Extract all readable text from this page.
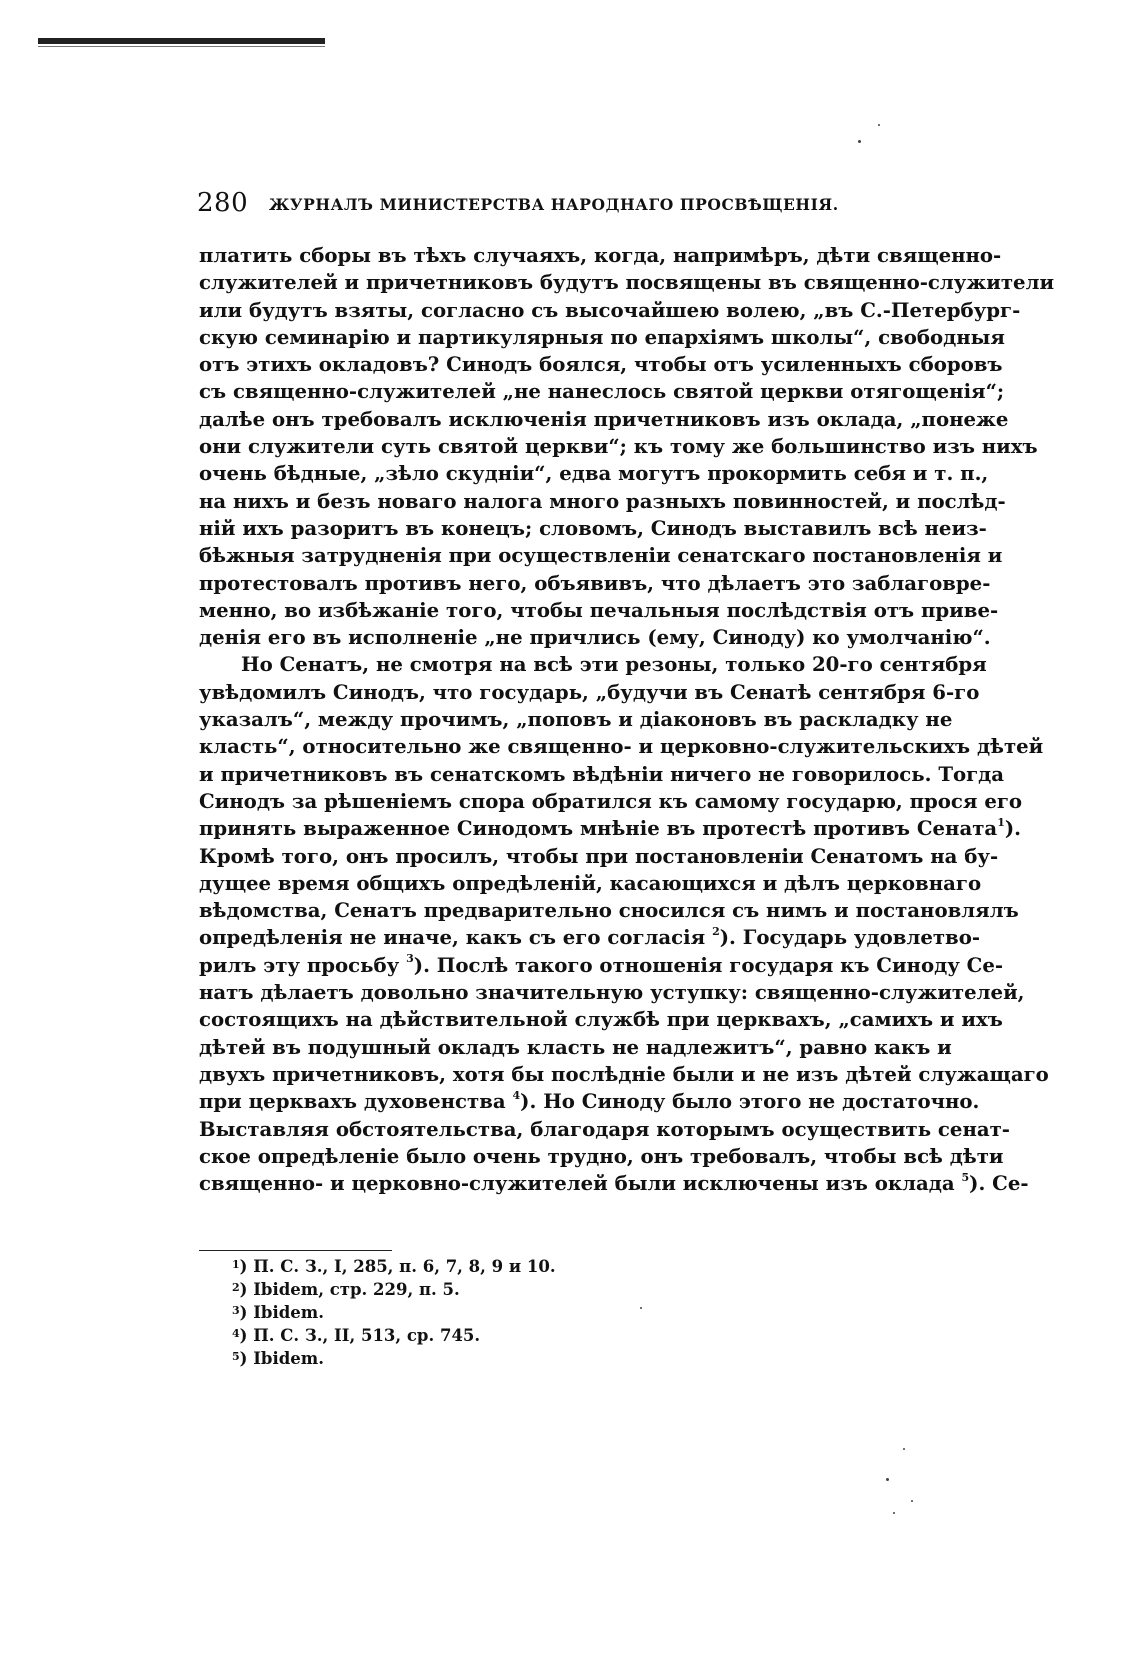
280 ЖУРНАЛЪ МИНИСТЕРСТВА НАРОДНАГО ПРОСВѢЩЕНІЯ.
платить сборы въ тѣхъ случаяхъ, когда, напримѣръ, дѣти священно-
служителей и причетниковъ будутъ посвящены въ священно-служители
или будутъ взяты, согласно съ высочайшею волею, „въ С.-Петербург-
скую семинарію и партикулярныя по епархіямъ школы“, свободныя
отъ этихъ окладовъ? Синодъ боялся, чтобы отъ усиленныхъ сборовъ
съ священно-служителей „не нанеслось святой церкви отягощенія“;
далѣе онъ требовалъ исключенія причетниковъ изъ оклада, „понеже
они служители суть святой церкви“; къ тому же большинство изъ нихъ
очень бѣдные, „зѣло скудніи“, едва могутъ прокормить себя и т. п.,
на нихъ и безъ новаго налога много разныхъ повинностей, и послѣд-
ній ихъ разоритъ въ конецъ; словомъ, Синодъ выставилъ всѣ неиз-
бѣжныя затрудненія при осуществленіи сенатскаго постановленія и
протестовалъ противъ него, объявивъ, что дѣлаетъ это заблаговре-
менно, во избѣжаніе того, чтобы печальныя послѣдствія отъ приве-
денія его въ исполненіе „не причлись (ему, Синоду) ко умолчанію“.
Но Сенатъ, не смотря на всѣ эти резоны, только 20-го сентября
увѣдомилъ Синодъ, что государь, „будучи въ Сенатѣ сентября 6-го
указалъ“, между прочимъ, „поповъ и діаконовъ въ раскладку не
класть“, относительно же священно- и церковно-служительскихъ дѣтей
и причетниковъ въ сенатскомъ вѣдѣніи ничего не говорилось. Тогда
Синодъ за рѣшеніемъ спора обратился къ самому государю, прося его
принять выраженное Синодомъ мнѣніе въ протестѣ противъ Сената$^1$).
Кромѣ того, онъ просилъ, чтобы при постановленіи Сенатомъ на бу-
дущее время общихъ опредѣленій, касающихся и дѣлъ церковнаго
вѣдомства, Сенатъ предварительно сносился съ нимъ и постановлялъ
опредѣленія не иначе, какъ съ его согласія $^2$). Государь удовлетво-
рилъ эту просьбу $^3$). Послѣ такого отношенія государя къ Синоду Се-
натъ дѣлаетъ довольно значительную уступку: священно-служителей,
состоящихъ на дѣйствительной службѣ при церквахъ, „самихъ и ихъ
дѣтей въ подушный окладъ класть не надлежитъ“, равно какъ и
двухъ причетниковъ, хотя бы послѣдніе были и не изъ дѣтей служащаго
при церквахъ духовенства $^4$). Но Синоду было этого не достаточно.
Выставляя обстоятельства, благодаря которымъ осуществить сенат-
ское опредѣленіе было очень трудно, онъ требовалъ, чтобы всѣ дѣти
священно- и церковно-служителей были исключены изъ оклада $^5$). Се-
$^1$) П. С. З., I, 285, п. 6, 7, 8, 9 и 10.
$^2$) Ibidem, стр. 229, п. 5.
$^3$) Ibidem.
$^4$) П. С. З., II, 513, ср. 745.
$^5$) Ibidem.
